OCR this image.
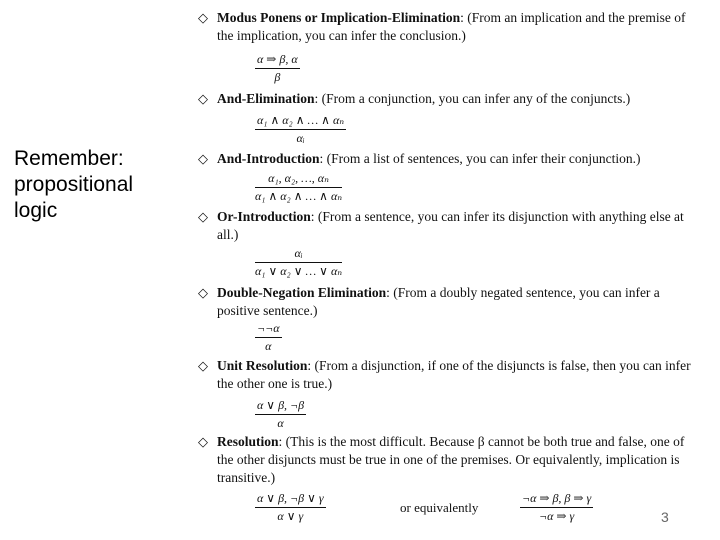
Remember:
propositional
logic
◇ Modus Ponens or Implication-Elimination: (From an implication and the premise of the implication, you can infer the conclusion.)
$\frac{\alpha \Rightarrow \beta, \alpha}{\beta}$
◇ And-Elimination: (From a conjunction, you can infer any of the conjuncts.)
$\frac{\text{α₁ ∧ α₂ ∧ … ∧ αₙ}}{\text{αᵢ}}$
◇ And-Introduction: (From a list of sentences, you can infer their conjunction.)
$\frac{\text{α₁, α₂, …, αₙ}}{\text{α₁ ∧ α₂ ∧ … ∧ αₙ}}$
◇ Or-Introduction: (From a sentence, you can infer its disjunction with anything else at all.)
$\frac{\text{αᵢ}}{\text{α₁ ∨ α₂ ∨ … ∨ αₙ}}$
◇ Double-Negation Elimination: (From a doubly negated sentence, you can infer a positive sentence.)
$\frac{\neg\neg\alpha}{\alpha}$
◇ Unit Resolution: (From a disjunction, if one of the disjuncts is false, then you can infer the other one is true.)
$\frac{\alpha \vee \beta, \neg\beta}{\alpha}$
◇ Resolution: (This is the most difficult. Because β cannot be both true and false, one of the other disjuncts must be true in one of the premises. Or equivalently, implication is transitive.)
$\frac{\alpha \vee \beta, \neg\beta \vee \gamma}{\alpha \vee \gamma}$	or equivalently	$\frac{\neg\alpha \Rightarrow \beta, \beta \Rightarrow \gamma}{\neg\alpha \Rightarrow \gamma}$	3
